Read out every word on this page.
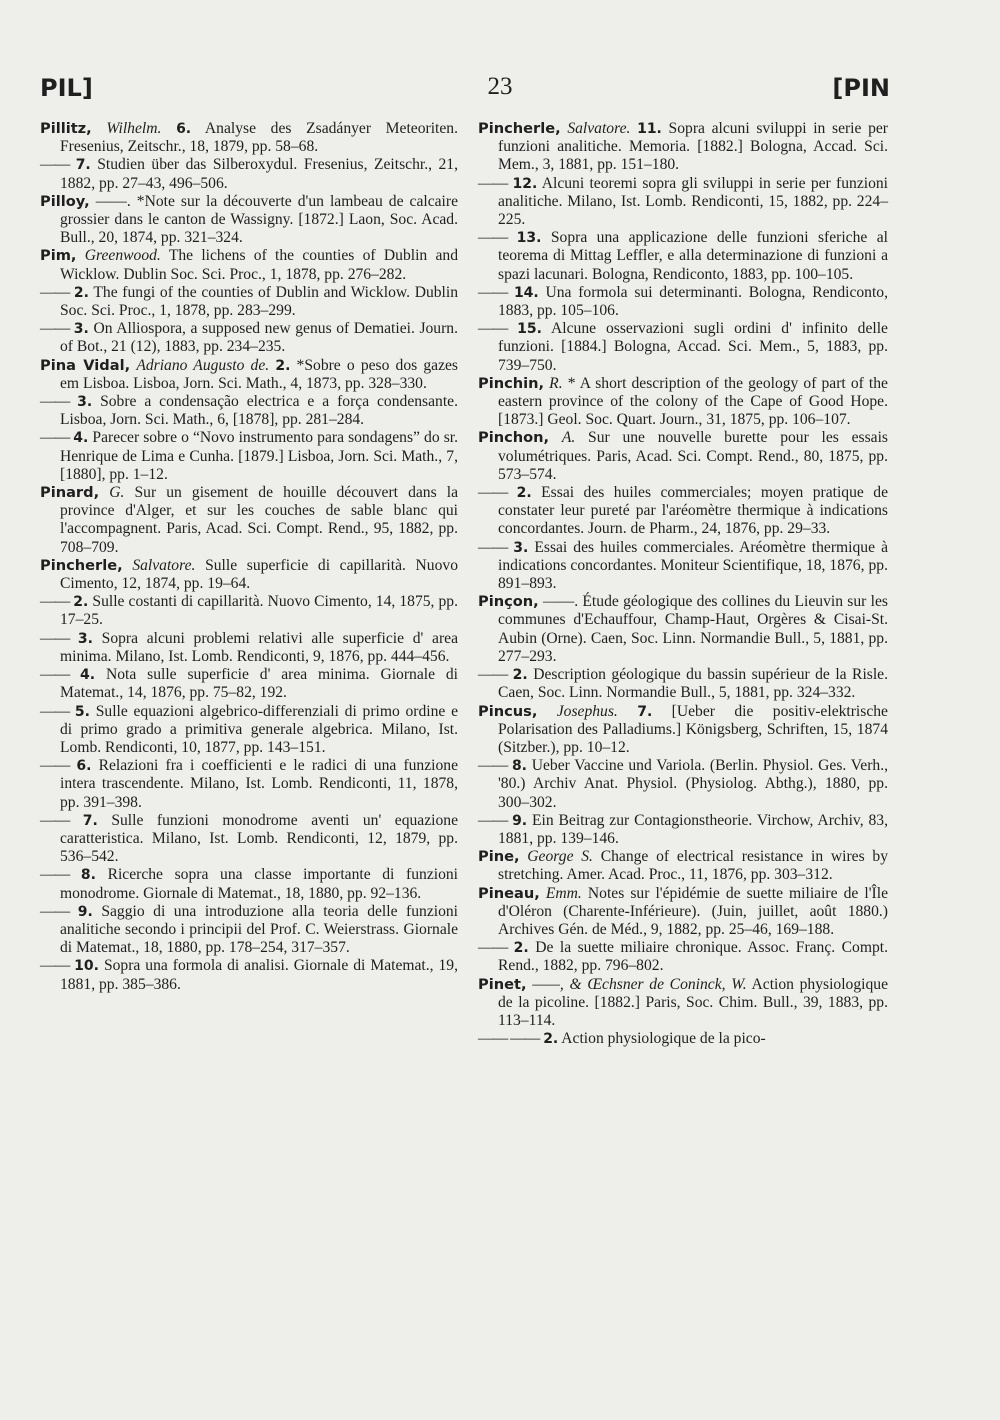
PIL]	23	[PIN

Pillitz, Wilhelm. 6. Analyse des Zsadányer Meteoriten. Fresenius, Zeitschr., 18, 1879, pp. 58–68.

—— 7. Studien über das Silberoxydul. Fresenius, Zeitschr., 21, 1882, pp. 27–43, 496–506.

Pilloy, ——. *Note sur la découverte d'un lambeau de calcaire grossier dans le canton de Wassigny. [1872.] Laon, Soc. Acad. Bull., 20, 1874, pp. 321–324.

Pim, Greenwood. The lichens of the counties of Dublin and Wicklow. Dublin Soc. Sci. Proc., 1, 1878, pp. 276–282.

—— 2. The fungi of the counties of Dublin and Wicklow. Dublin Soc. Sci. Proc., 1, 1878, pp. 283–299.

—— 3. On Alliospora, a supposed new genus of Dematiei. Journ. of Bot., 21 (12), 1883, pp. 234–235.

Pina Vidal, Adriano Augusto de. 2. *Sobre o peso dos gazes em Lisboa. Lisboa, Jorn. Sci. Math., 4, 1873, pp. 328–330.

—— 3. Sobre a condensação electrica e a força condensante. Lisboa, Jorn. Sci. Math., 6, [1878], pp. 281–284.

—— 4. Parecer sobre o “Novo instrumento para sondagens” do sr. Henrique de Lima e Cunha. [1879.] Lisboa, Jorn. Sci. Math., 7, [1880], pp. 1–12.

Pinard, G. Sur un gisement de houille découvert dans la province d'Alger, et sur les couches de sable blanc qui l'accompagnent. Paris, Acad. Sci. Compt. Rend., 95, 1882, pp. 708–709.

Pincherle, Salvatore. Sulle superficie di capillarità. Nuovo Cimento, 12, 1874, pp. 19–64.

—— 2. Sulle costanti di capillarità. Nuovo Cimento, 14, 1875, pp. 17–25.

—— 3. Sopra alcuni problemi relativi alle superficie d' area minima. Milano, Ist. Lomb. Rendiconti, 9, 1876, pp. 444–456.

—— 4. Nota sulle superficie d' area minima. Giornale di Matemat., 14, 1876, pp. 75–82, 192.

—— 5. Sulle equazioni algebrico-differenziali di primo ordine e di primo grado a primitiva generale algebrica. Milano, Ist. Lomb. Rendiconti, 10, 1877, pp. 143–151.

—— 6. Relazioni fra i coefficienti e le radici di una funzione intera trascendente. Milano, Ist. Lomb. Rendiconti, 11, 1878, pp. 391–398.

—— 7. Sulle funzioni monodrome aventi un' equazione caratteristica. Milano, Ist. Lomb. Rendiconti, 12, 1879, pp. 536–542.

—— 8. Ricerche sopra una classe importante di funzioni monodrome. Giornale di Matemat., 18, 1880, pp. 92–136.

—— 9. Saggio di una introduzione alla teoria delle funzioni analitiche secondo i principii del Prof. C. Weierstrass. Giornale di Matemat., 18, 1880, pp. 178–254, 317–357.

—— 10. Sopra una formola di analisi. Giornale di Matemat., 19, 1881, pp. 385–386.

Pincherle, Salvatore. 11. Sopra alcuni sviluppi in serie per funzioni analitiche. Memoria. [1882.] Bologna, Accad. Sci. Mem., 3, 1881, pp. 151–180.

—— 12. Alcuni teoremi sopra gli sviluppi in serie per funzioni analitiche. Milano, Ist. Lomb. Rendiconti, 15, 1882, pp. 224–225.

—— 13. Sopra una applicazione delle funzioni sferiche al teorema di Mittag Leffler, e alla determinazione di funzioni a spazi lacunari. Bologna, Rendiconto, 1883, pp. 100–105.

—— 14. Una formola sui determinanti. Bologna, Rendiconto, 1883, pp. 105–106.

—— 15. Alcune osservazioni sugli ordini d' infinito delle funzioni. [1884.] Bologna, Accad. Sci. Mem., 5, 1883, pp. 739–750.

Pinchin, R. * A short description of the geology of part of the eastern province of the colony of the Cape of Good Hope. [1873.] Geol. Soc. Quart. Journ., 31, 1875, pp. 106–107.

Pinchon, A. Sur une nouvelle burette pour les essais volumétriques. Paris, Acad. Sci. Compt. Rend., 80, 1875, pp. 573–574.

—— 2. Essai des huiles commerciales; moyen pratique de constater leur pureté par l'aréomètre thermique à indications concordantes. Journ. de Pharm., 24, 1876, pp. 29–33.

—— 3. Essai des huiles commerciales. Aréomètre thermique à indications concordantes. Moniteur Scientifique, 18, 1876, pp. 891–893.

Pinçon, ——. Étude géologique des collines du Lieuvin sur les communes d'Echauffour, Champ-Haut, Orgères & Cisai-St. Aubin (Orne). Caen, Soc. Linn. Normandie Bull., 5, 1881, pp. 277–293.

—— 2. Description géologique du bassin supérieur de la Risle. Caen, Soc. Linn. Normandie Bull., 5, 1881, pp. 324–332.

Pincus, Josephus. 7. [Ueber die positiv-elektrische Polarisation des Palladiums.] Königsberg, Schriften, 15, 1874 (Sitzber.), pp. 10–12.

—— 8. Ueber Vaccine und Variola. (Berlin. Physiol. Ges. Verh., '80.) Archiv Anat. Physiol. (Physiolog. Abthg.), 1880, pp. 300–302.

—— 9. Ein Beitrag zur Contagionstheorie. Virchow, Archiv, 83, 1881, pp. 139–146.

Pine, George S. Change of electrical resistance in wires by stretching. Amer. Acad. Proc., 11, 1876, pp. 303–312.

Pineau, Emm. Notes sur l'épidémie de suette miliaire de l'Île d'Oléron (Charente-Inférieure). (Juin, juillet, août 1880.) Archives Gén. de Méd., 9, 1882, pp. 25–46, 169–188.

—— 2. De la suette miliaire chronique. Assoc. Franç. Compt. Rend., 1882, pp. 796–802.

Pinet, ——, & Œchsner de Coninck, W. Action physiologique de la picoline. [1882.] Paris, Soc. Chim. Bull., 39, 1883, pp. 113–114.

—— —— 2. Action physiologique de la pico-
